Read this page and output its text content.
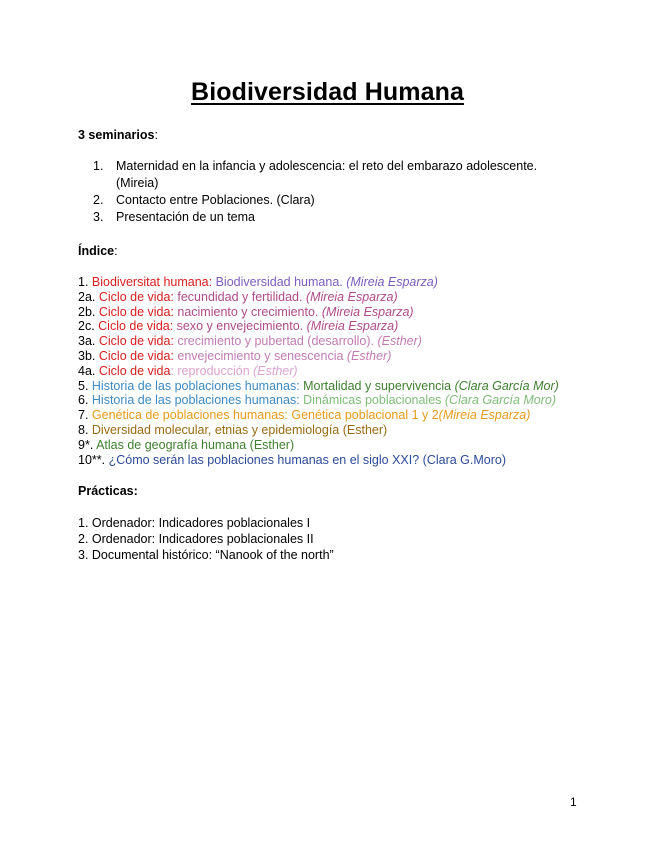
Biodiversidad Humana
3 seminarios:
1. Maternidad en la infancia y adolescencia: el reto del embarazo adolescente. (Mireia)
2. Contacto entre Poblaciones. (Clara)
3. Presentación de un tema
Índice:
1. Biodiversitat humana: Biodiversidad humana. (Mireia Esparza)
2a. Ciclo de vida: fecundidad y fertilidad. (Mireia Esparza)
2b. Ciclo de vida: nacimiento y crecimiento. (Mireia Esparza)
2c. Ciclo de vida: sexo y envejecimiento. (Mireia Esparza)
3a. Ciclo de vida: crecimiento y pubertad (desarrollo). (Esther)
3b. Ciclo de vida: envejecimiento y senescencia (Esther)
4a. Ciclo de vida: reproducción (Esther)
5. Historia de las poblaciones humanas: Mortalidad y supervivencia (Clara García Mor)
6. Historia de las poblaciones humanas: Dinámicas poblacionales (Clara García Moro)
7. Genética de poblaciones humanas: Genética poblacional 1 y 2(Mireia Esparza)
8. Diversidad molecular, etnias y epidemiología (Esther)
9*. Atlas de geografía humana (Esther)
10**. ¿Cómo serán las poblaciones humanas en el siglo XXI? (Clara G.Moro)
Prácticas:
1. Ordenador: Indicadores poblacionales I
2. Ordenador: Indicadores poblacionales II
3. Documental histórico: “Nanook of the north”
1
